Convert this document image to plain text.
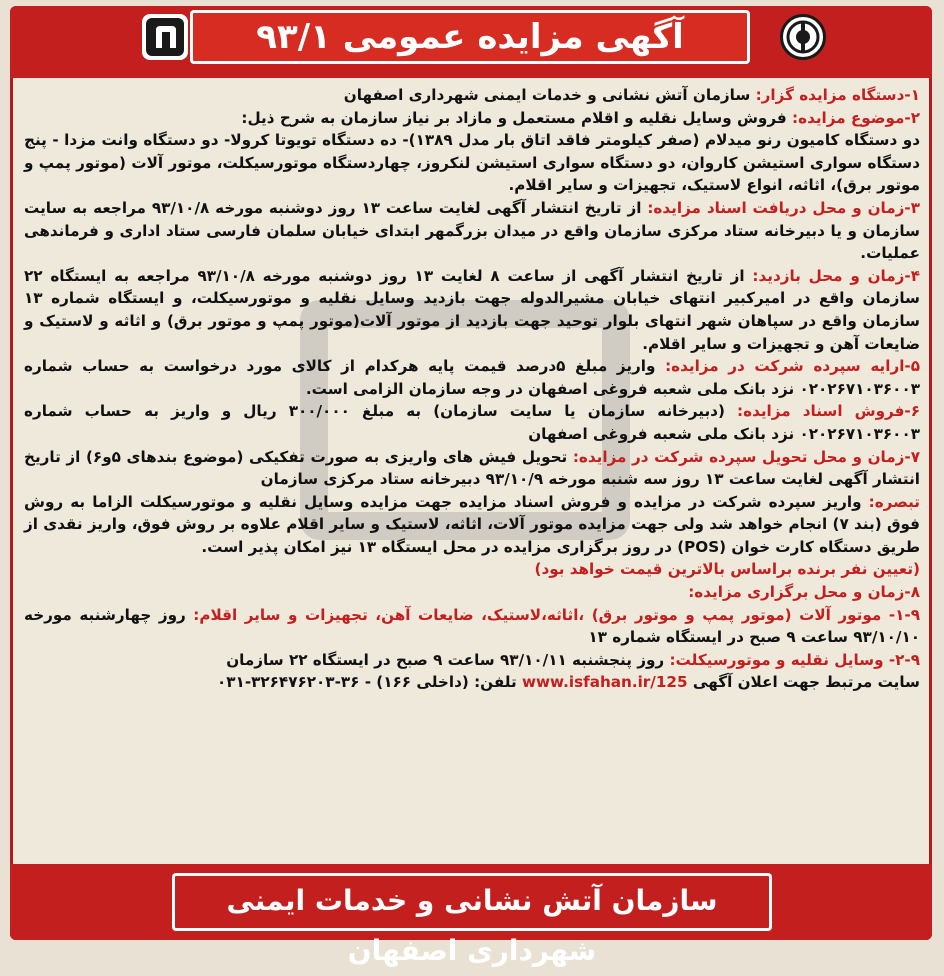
آگهی مزایده عمومی ۹۳/۱

۱-دستگاه مزایده گزار: سازمان آتش نشانی و خدمات ایمنی شهرداری اصفهان

۲-موضوع مزایده: فروش وسایل نقلیه و اقلام مستعمل و مازاد بر نیاز سازمان به شرح ذیل:

دو دستگاه کامیون رنو میدلام (صفر کیلومتر فاقد اتاق بار مدل ۱۳۸۹)- ده دستگاه تویوتا کرولا- دو دستگاه وانت مزدا - پنج دستگاه سواری استیشن کاروان، دو دستگاه سواری استیشن لنکروز، چهاردستگاه موتورسیکلت، موتور آلات (موتور پمپ و موتور برق)، اثاثه، انواع لاستیک، تجهیزات و سایر اقلام.

۳-زمان و محل دریافت اسناد مزایده: از تاریخ انتشار آگهی لغایت ساعت ۱۳ روز دوشنبه مورخه ۹۳/۱۰/۸ مراجعه به سایت سازمان و یا دبیرخانه ستاد مرکزی سازمان واقع در میدان بزرگمهر ابتدای خیابان سلمان فارسی ستاد اداری و فرماندهی عملیات.

۴-زمان و محل بازدید: از تاریخ انتشار آگهی از ساعت ۸ لغایت ۱۳ روز دوشنبه مورخه ۹۳/۱۰/۸ مراجعه به ایستگاه ۲۲ سازمان واقع در امیرکبیر انتهای خیابان مشیرالدوله جهت بازدید وسایل نقلیه و موتورسیکلت، و ایستگاه شماره ۱۳ سازمان واقع در سپاهان شهر انتهای بلوار توحید جهت بازدید از موتور آلات(موتور پمپ و موتور برق) و اثاثه و لاستیک و ضایعات آهن و تجهیزات و سایر اقلام.

۵-ارایه سپرده شرکت در مزایده: واریز مبلغ ۵درصد قیمت پایه هرکدام از کالای مورد درخواست به حساب شماره ۰۲۰۲۶۷۱۰۳۶۰۰۳ نزد بانک ملی شعبه فروغی اصفهان در وجه سازمان الزامی است.

۶-فروش اسناد مزایده: (دبیرخانه سازمان یا سایت سازمان) به مبلغ ۳۰۰/۰۰۰ ریال و واریز به حساب شماره ۰۲۰۲۶۷۱۰۳۶۰۰۳ نزد بانک ملی شعبه فروغی اصفهان

۷-زمان و محل تحویل سپرده شرکت در مزایده: تحویل فیش های واریزی به صورت تفکیکی (موضوع بندهای ۵و۶) از تاریخ انتشار آگهی لغایت ساعت ۱۳ روز سه شنبه مورخه ۹۳/۱۰/۹ دبیرخانه ستاد مرکزی سازمان

تبصره: واریز سپرده شرکت در مزایده و فروش اسناد مزایده جهت مزایده وسایل نقلیه و موتورسیکلت الزاما به روش فوق (بند ۷) انجام خواهد شد ولی جهت مزایده موتور آلات، اثاثه، لاستیک و سایر اقلام علاوه بر روش فوق، واریز نقدی از طریق دستگاه کارت خوان (POS) در روز برگزاری مزایده در محل ایستگاه ۱۳ نیز امکان پذیر است.

(تعیین نفر برنده براساس بالاترین قیمت خواهد بود)

۸-زمان و محل برگزاری مزایده:

۱-۹- موتور آلات (موتور پمپ و موتور برق) ،اثاثه،لاستیک، ضایعات آهن، تجهیزات و سایر اقلام: روز چهارشنبه مورخه ۹۳/۱۰/۱۰ ساعت ۹ صبح در ایستگاه شماره ۱۳

۲-۹- وسایل نقلیه و موتورسیکلت: روز پنجشنبه ۹۳/۱۰/۱۱ ساعت ۹ صبح در ایستگاه ۲۲ سازمان

سایت مرتبط جهت اعلان آگهی www.isfahan.ir/125 تلفن: (داخلی ۱۶۶) - ۳۶-۳۲۶۴۷۶۲۰۳-۰۳۱

سازمان آتش نشانی و خدمات ایمنی شهرداری اصفهان
